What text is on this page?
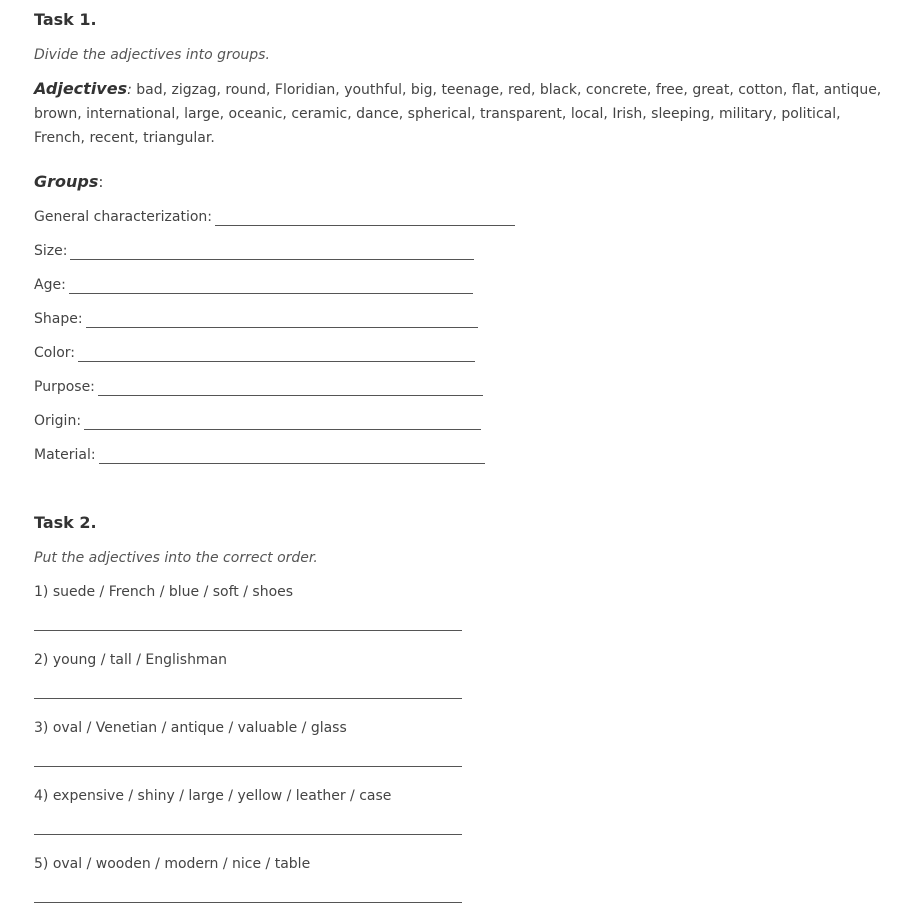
Task 1.
Divide the adjectives into groups.
Adjectives: bad, zigzag, round, Floridian, youthful, big, teenage, red, black, concrete, free, great, cotton, flat, antique, brown, international, large, oceanic, ceramic, dance, spherical, transparent, local, Irish, sleeping, military, political, French, recent, triangular.
Groups:
General characterization:
Size:
Age:
Shape:
Color:
Purpose:
Origin:
Material:
Task 2.
Put the adjectives into the correct order.
1) suede / French / blue / soft / shoes
2) young / tall / Englishman
3) oval / Venetian / antique / valuable / glass
4) expensive / shiny / large / yellow / leather / case
5) oval / wooden / modern / nice / table
